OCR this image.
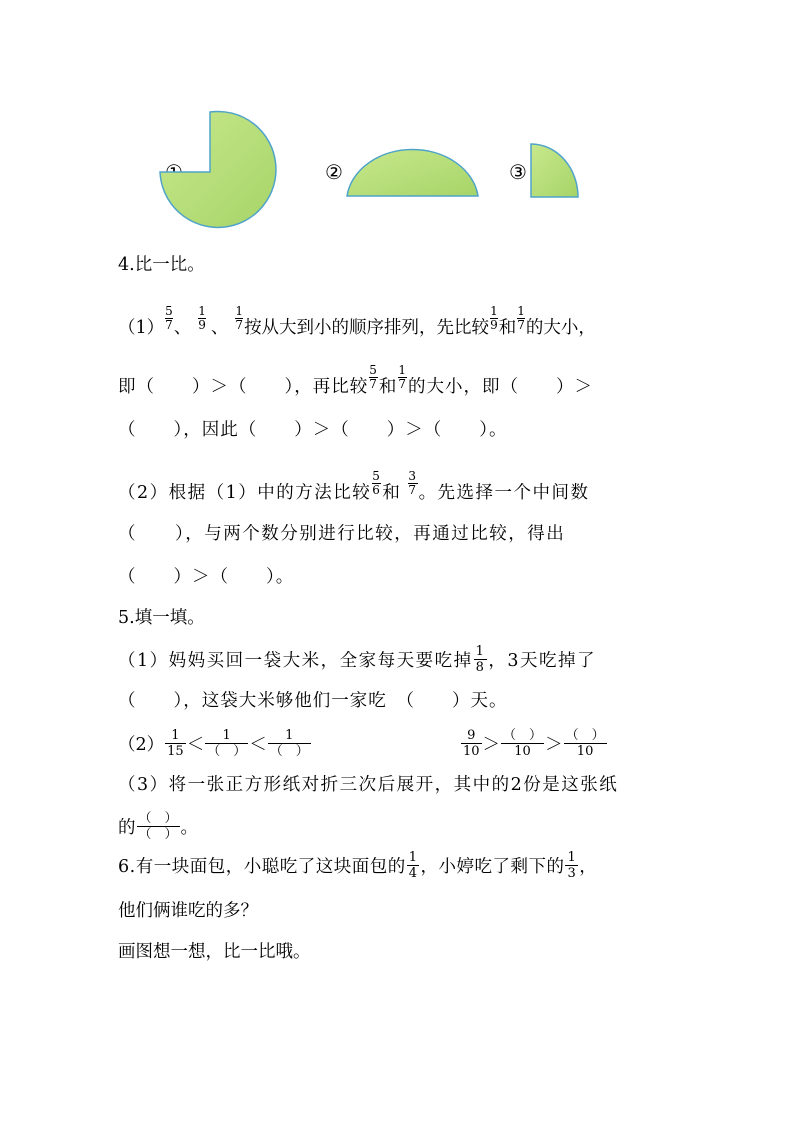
②	③
4.比一比。
$(1) \frac{5}{7}$ 、 $\frac{1}{9}$ 、 $\frac{1}{7}$ 按从大到小的顺序排列，先比较 $\frac{1}{9}$ 和 $\frac{1}{7}$ 的大小，
即（　　）＞（　　），再比较 $\frac{5}{7}$ 和 $\frac{1}{7}$ 的大小，即（　　）＞
（　　），因此（　　）＞（　　）＞（　　）。
（2）根据（1）中的方法比较 $\frac{5}{6}$ 和 $\frac{3}{7}$ 。先选择一个中间数
（　　），与两个数分别进行比较，再通过比较，得出
（　　）＞（　　）。
5.填一填。
（1）妈妈买回一袋大米，全家每天要吃掉 $\frac{1}{8}$ ，3天吃掉了
（　　），这袋大米够他们一家吃　（　　）天。
$(2) \frac{1}{15} < \frac{1}{( )} < \frac{1}{( )}$	$\frac{9}{10} > \frac{( )}{10} > \frac{( )}{10}$
（3）将一张正方形纸对折三次后展开，其中的2份是这张纸
的 $\frac{( )}{( )}$ 。
6.有一块面包，小聪吃了这块面包的 $\frac{1}{4}$ ，小婷吃了剩下的 $\frac{1}{3}$ ，
他们俩谁吃的多？
画图想一想，比一比哦。
